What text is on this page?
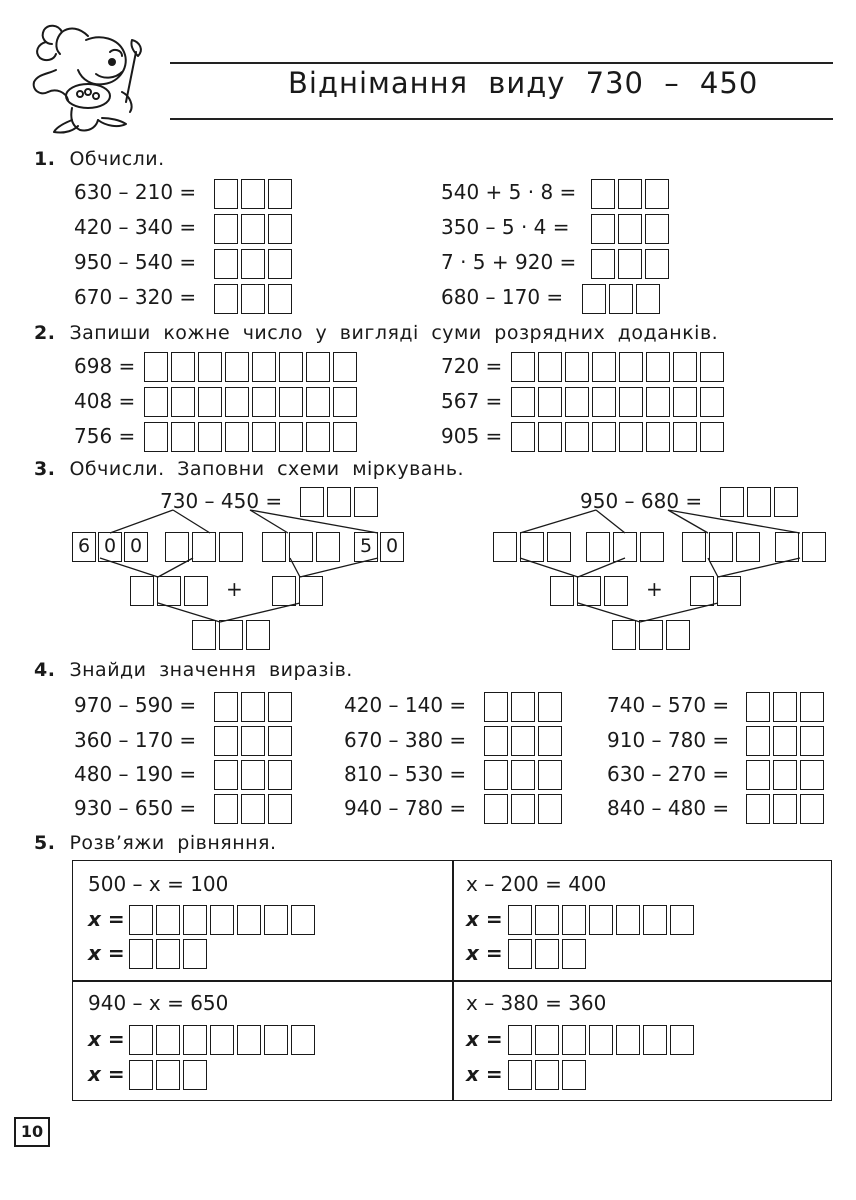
Віднімання виду 730 – 450
1. Обчисли.
630 – 210 =
420 – 340 =
950 – 540 =
670 – 320 =
540 + 5 · 8 =
350 – 5 · 4 =
7 · 5 + 920 =
680 – 170 =
2. Запиши кожне число у вигляді суми розрядних доданків.
698 =
408 =
756 =
720 =
567 =
905 =
3. Обчисли. Заповни схеми міркувань.
730 – 450 =
6 0 0	5 0
+
950 – 680 =
+
4. Знайди значення виразів.
970 – 590 =
360 – 170 =
480 – 190 =
930 – 650 =
420 – 140 =
670 – 380 =
810 – 530 =
940 – 780 =
740 – 570 =
910 – 780 =
630 – 270 =
840 – 480 =
5. Розв’яжи рівняння.
500 – x = 100
x =
x =
x – 200 = 400
x =
x =
940 – x = 650
x =
x =
x – 380 = 360
x =
x =
10
